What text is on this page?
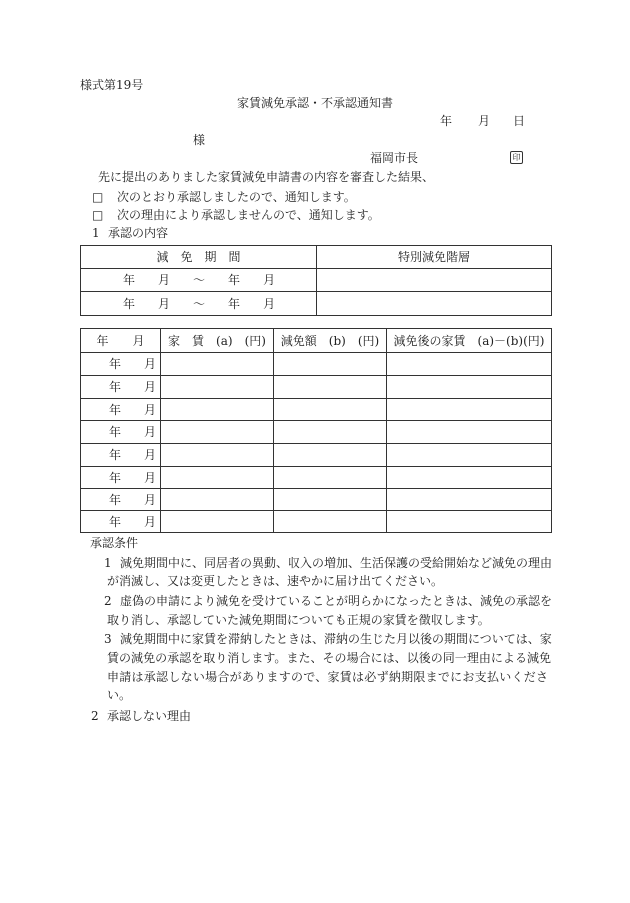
様式第19号
家賃減免承認・不承認通知書
年 月 日
様
福岡市長	印
先に提出のありました家賃減免申請書の内容を審査した結果、
□ 次のとおり承認しましたので、通知します。
□ 次の理由により承認しませんので、通知します。
1 承認の内容
減　免　期　間	特別減免階層

年 月 ～ 年 月	

年 月 ～ 年 月	

年　　月	家　賃　(a)　(円)	減免額　(b)　(円)	減免後の家賃　(a)－(b)(円)

年 月			

年 月			

年 月			

年 月			

年 月			

年 月			

年 月			

年 月			

承認条件
1 減免期間中に、同居者の異動、収入の増加、生活保護の受給開始など減免の理由
が消滅し、又は変更したときは、速やかに届け出てください。
2 虚偽の申請により減免を受けていることが明らかになったときは、減免の承認を
取り消し、承認していた減免期間についても正規の家賃を徴収します。
3 減免期間中に家賃を滞納したときは、滞納の生じた月以後の期間については、家
賃の減免の承認を取り消します。また、その場合には、以後の同一理由による減免
申請は承認しない場合がありますので、家賃は必ず納期限までにお支払いくださ
い。
2 承認しない理由
